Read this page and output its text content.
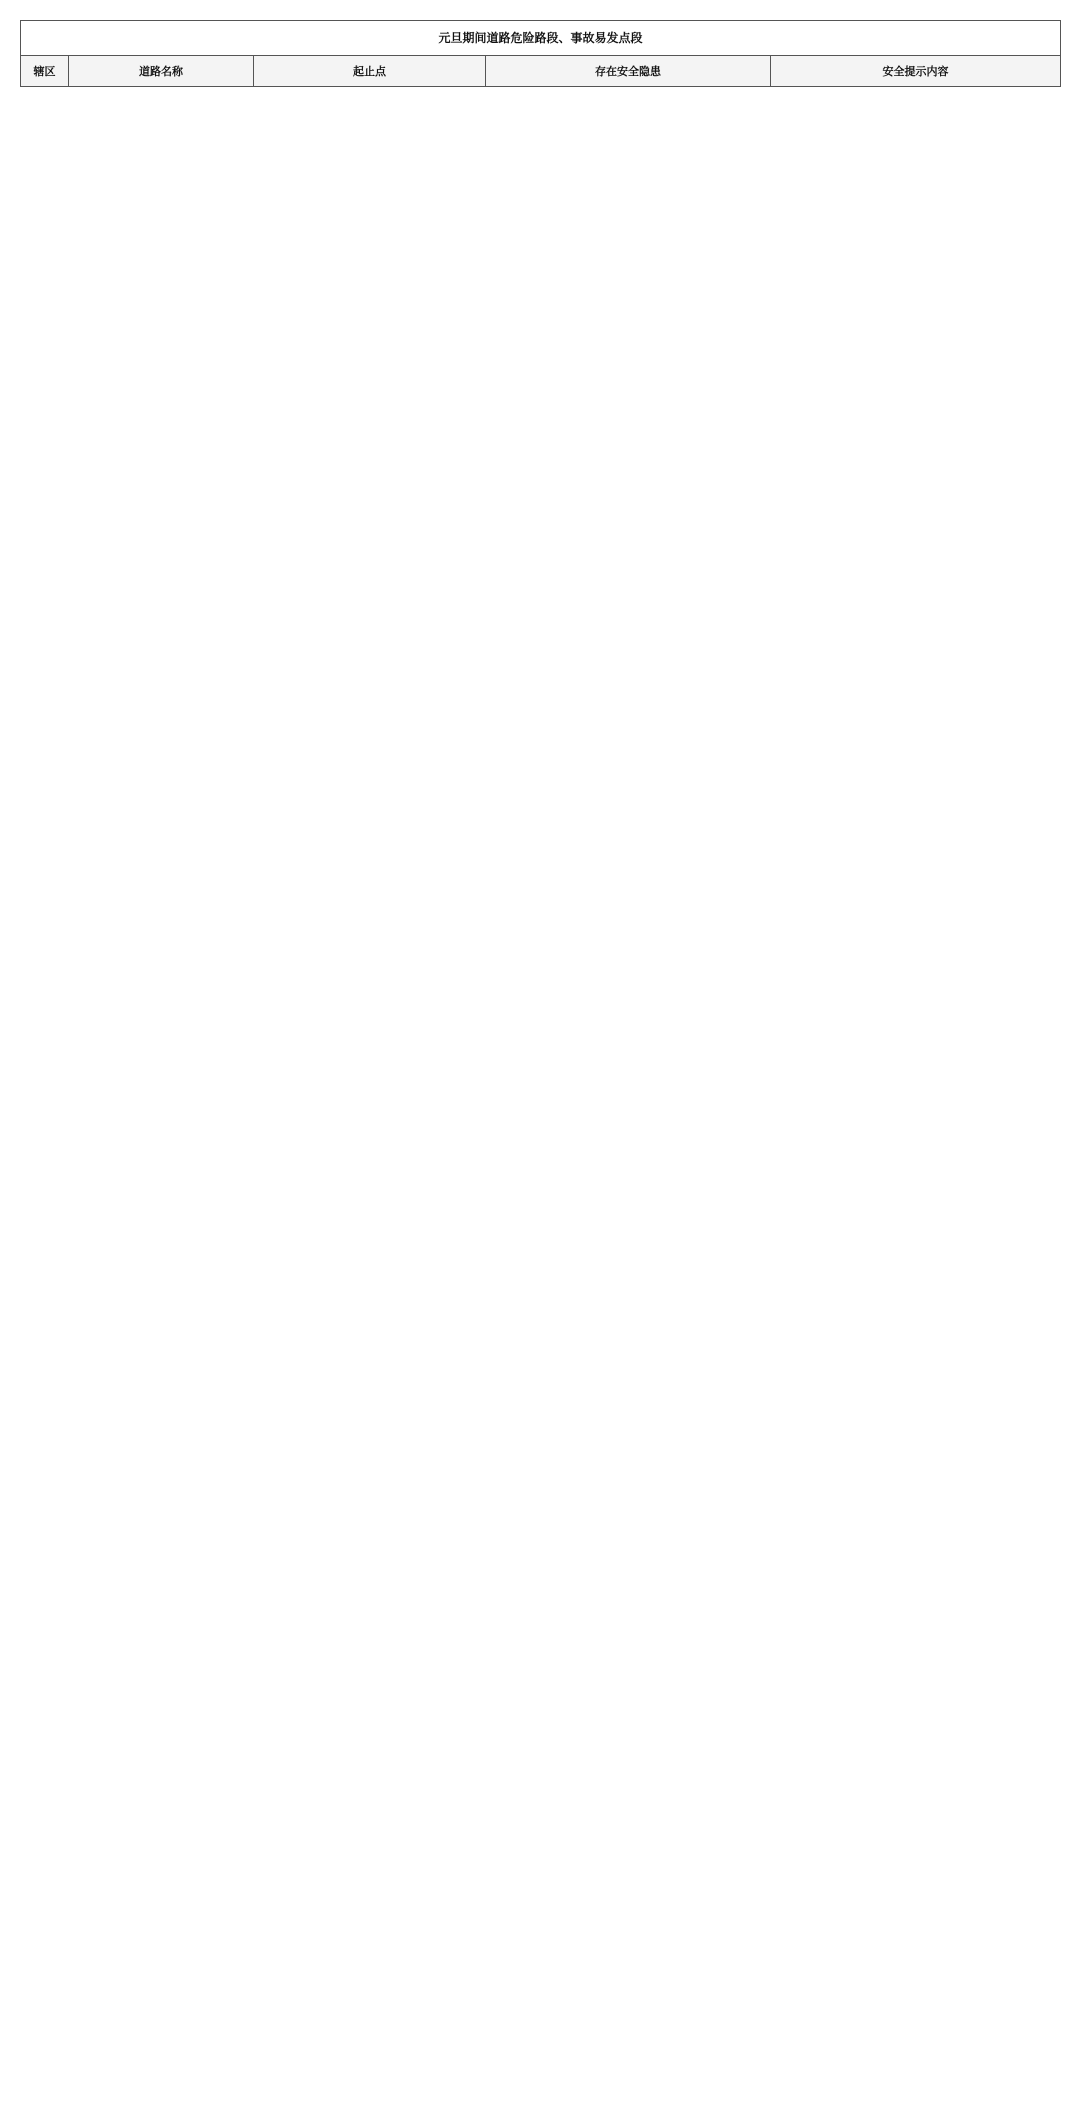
元旦期间道路危险路段、事故易发点段
辖区	道路名称	起止点	存在安全隐患	安全提示内容
